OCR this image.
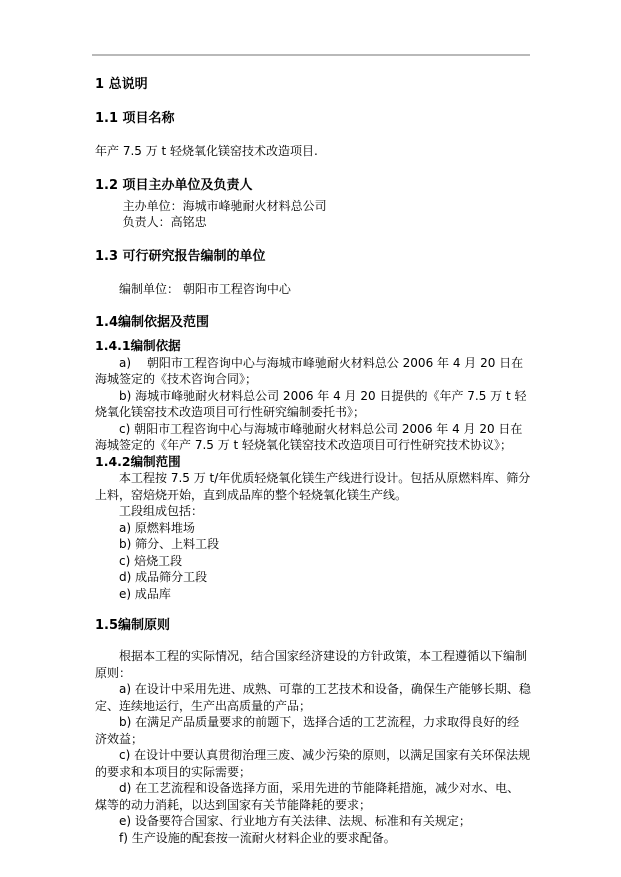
1 总说明
1.1 项目名称
年产 7.5 万 t 轻烧氧化镁窑技术改造项目.
1.2 项目主办单位及负责人
主办单位：海城市峰驰耐火材料总公司
负责人：高铭忠
1.3 可行研究报告编制的单位
编制单位： 朝阳市工程咨询中心
1.4编制依据及范围
1.4.1编制依据
a)　 朝阳市工程咨询中心与海城市峰驰耐火材料总公 2006 年 4 月 20 日在海城签定的《技术咨询合同》；
b) 海城市峰驰耐火材料总公司 2006 年 4 月 20 日提供的《年产 7.5 万 t 轻烧氧化镁窑技术改造项目可行性研究编制委托书》；
c) 朝阳市工程咨询中心与海城市峰驰耐火材料总公司 2006 年 4 月 20 日在海城签定的《年产 7.5 万 t 轻烧氧化镁窑技术改造项目可行性研究技术协议》；
1.4.2编制范围
本工程按 7.5 万 t/年优质轻烧氧化镁生产线进行设计。包括从原燃料库、筛分上料，窑焙烧开始，直到成品库的整个轻烧氧化镁生产线。
工段组成包括：
a) 原燃料堆场
b) 筛分、上料工段
c) 焙烧工段
d) 成品筛分工段
e) 成品库
1.5编制原则
根据本工程的实际情况，结合国家经济建设的方针政策，本工程遵循以下编制原则：
a) 在设计中采用先进、成熟、可靠的工艺技术和设备，确保生产能够长期、稳定、连续地运行，生产出高质量的产品；
b) 在满足产品质量要求的前题下，选择合适的工艺流程，力求取得良好的经济效益；
c) 在设计中要认真贯彻治理三废、减少污染的原则，以满足国家有关环保法规的要求和本项目的实际需要；
d) 在工艺流程和设备选择方面，采用先进的节能降耗措施，减少对水、电、煤等的动力消耗，以达到国家有关节能降耗的要求；
e) 设备要符合国家、行业地方有关法律、法规、标准和有关规定；
f) 生产设施的配套按一流耐火材料企业的要求配备。
